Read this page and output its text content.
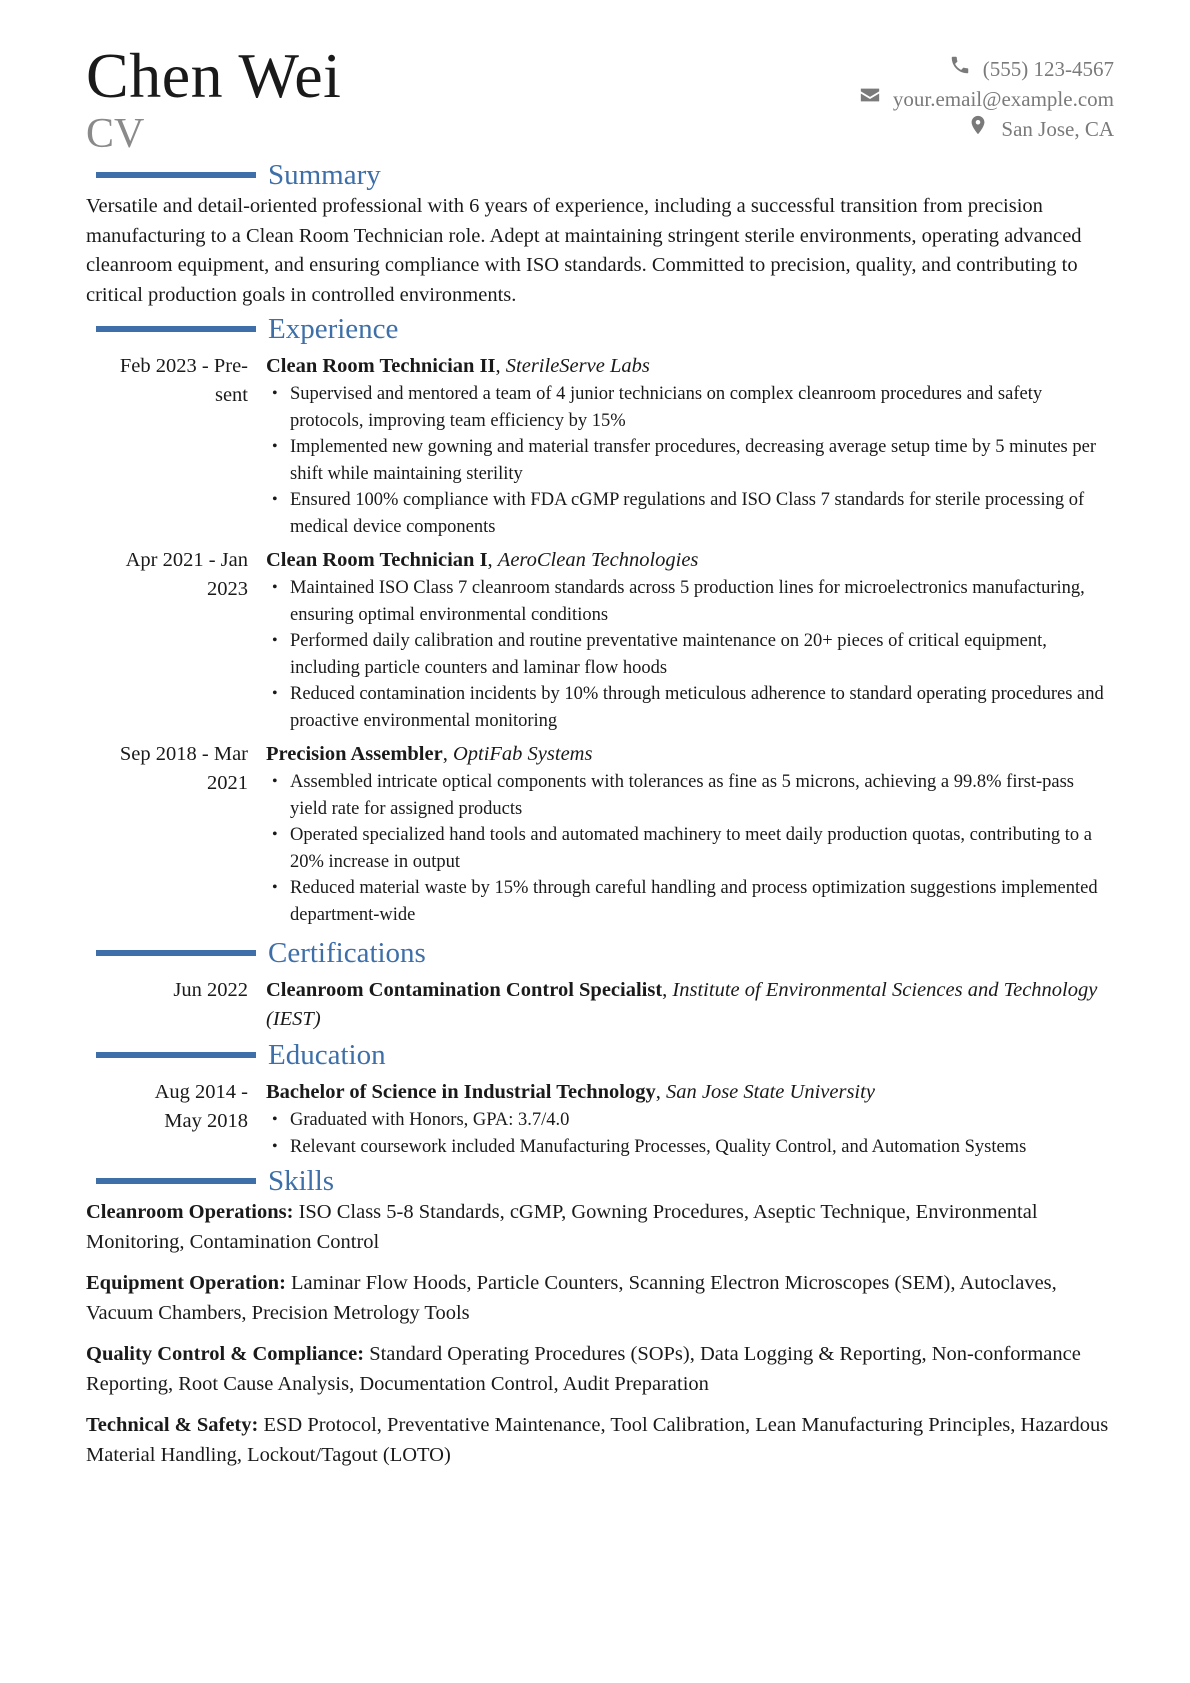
Chen Wei
CV
(555) 123-4567
your.email@example.com
San Jose, CA
Summary

Versatile and detail-oriented professional with 6 years of experience, including a successful transition from precision manufacturing to a Clean Room Technician role. Adept at maintaining stringent sterile environments, operating advanced cleanroom equipment, and ensuring compliance with ISO standards. Committed to precision, quality, and contributing to critical production goals in controlled environments.

Experience
Feb 2023 - Pre-
sent
Clean Room Technician II, SterileServe Labs
• Supervised and mentored a team of 4 junior technicians on complex cleanroom procedures and safety protocols, improving team efficiency by 15%
• Implemented new gowning and material transfer procedures, decreasing average setup time by 5 minutes per shift while maintaining sterility
• Ensured 100% compliance with FDA cGMP regulations and ISO Class 7 standards for sterile processing of medical device components
Apr 2021 - Jan
2023
Clean Room Technician I, AeroClean Technologies
• Maintained ISO Class 7 cleanroom standards across 5 production lines for microelectronics manufacturing, ensuring optimal environmental conditions
• Performed daily calibration and routine preventative maintenance on 20+ pieces of critical equipment, including particle counters and laminar flow hoods
• Reduced contamination incidents by 10% through meticulous adherence to standard operating procedures and proactive environmental monitoring
Sep 2018 - Mar
2021
Precision Assembler, OptiFab Systems
• Assembled intricate optical components with tolerances as fine as 5 microns, achieving a 99.8% first-pass yield rate for assigned products
• Operated specialized hand tools and automated machinery to meet daily production quotas, contributing to a 20% increase in output
• Reduced material waste by 15% through careful handling and process optimization suggestions implemented department-wide
Certifications
Jun 2022 Cleanroom Contamination Control Specialist, Institute of Environmental Sciences and Technology (IEST)
Education
Aug 2014 -
May 2018
Bachelor of Science in Industrial Technology, San Jose State University
• Graduated with Honors, GPA: 3.7/4.0
• Relevant coursework included Manufacturing Processes, Quality Control, and Automation Systems
Skills
Cleanroom Operations: ISO Class 5-8 Standards, cGMP, Gowning Procedures, Aseptic Technique, Environmental Monitoring, Contamination Control
Equipment Operation: Laminar Flow Hoods, Particle Counters, Scanning Electron Microscopes (SEM), Autoclaves, Vacuum Chambers, Precision Metrology Tools
Quality Control & Compliance: Standard Operating Procedures (SOPs), Data Logging & Reporting, Non-conformance Reporting, Root Cause Analysis, Documentation Control, Audit Preparation
Technical & Safety: ESD Protocol, Preventative Maintenance, Tool Calibration, Lean Manufacturing Principles, Hazardous Material Handling, Lockout/Tagout (LOTO)
